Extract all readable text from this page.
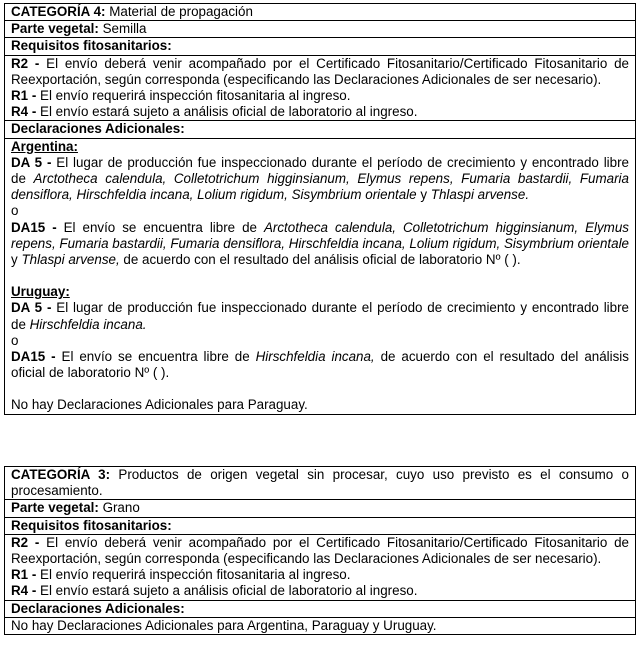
CATEGORÍA 4: Material de propagación
Parte vegetal: Semilla
Requisitos fitosanitarios:
R2 - El envío deberá venir acompañado por el Certificado Fitosanitario/Certificado Fitosanitario de Reexportación, según corresponda (especificando las Declaraciones Adicionales de ser necesario).
R1 - El envío requerirá inspección fitosanitaria al ingreso.
R4 - El envío estará sujeto a análisis oficial de laboratorio al ingreso.
Declaraciones Adicionales:
Argentina:
DA 5 - El lugar de producción fue inspeccionado durante el período de crecimiento y encontrado libre de Arctotheca calendula, Colletotrichum higginsianum, Elymus repens, Fumaria bastardii, Fumaria densiflora, Hirschfeldia incana, Lolium rigidum, Sisymbrium orientale y Thlaspi arvense.
o
DA15 - El envío se encuentra libre de Arctotheca calendula, Colletotrichum higginsianum, Elymus repens, Fumaria bastardii, Fumaria densiflora, Hirschfeldia incana, Lolium rigidum, Sisymbrium orientale y Thlaspi arvense, de acuerdo con el resultado del análisis oficial de laboratorio Nº ( ).
Uruguay:
DA 5 - El lugar de producción fue inspeccionado durante el período de crecimiento y encontrado libre de Hirschfeldia incana.
o
DA15 - El envío se encuentra libre de Hirschfeldia incana, de acuerdo con el resultado del análisis oficial de laboratorio Nº ( ).
No hay Declaraciones Adicionales para Paraguay.
CATEGORÍA 3: Productos de origen vegetal sin procesar, cuyo uso previsto es el consumo o procesamiento.
Parte vegetal: Grano
Requisitos fitosanitarios:
R2 - El envío deberá venir acompañado por el Certificado Fitosanitario/Certificado Fitosanitario de Reexportación, según corresponda (especificando las Declaraciones Adicionales de ser necesario).
R1 - El envío requerirá inspección fitosanitaria al ingreso.
R4 - El envío estará sujeto a análisis oficial de laboratorio al ingreso.
Declaraciones Adicionales:
No hay Declaraciones Adicionales para Argentina, Paraguay y Uruguay.
